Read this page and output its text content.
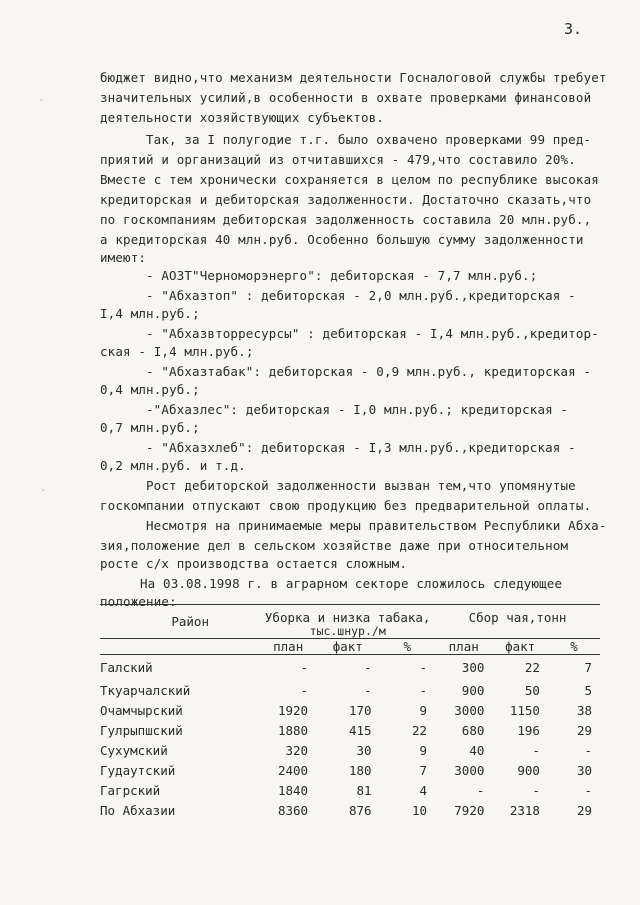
3.
·
·
бюджет видно,что механизм деятельности Госналоговой службы требует
значительных усилий,в особенности в охвате проверками финансовой
деятельности хозяйствующих субъектов.
Так, за I полугодие т.г. было охвачено проверками 99 пред-
приятий и организаций из отчитавшихся - 479,что составило 20%.
Вместе с тем хронически сохраняется в целом по республике высокая
кредиторская и дебиторская задолженности. Достаточно сказать,что
по госкомпаниям дебиторская задолженность составила 20 млн.руб.,
а кредиторская 40 млн.руб. Особенно большую сумму задолженности
имеют:
- АОЗТ"Черноморэнерго": дебиторская - 7,7 млн.руб.;
- "Абхазтоп" : дебиторская - 2,0 млн.руб.,кредиторская -
I,4 млн.руб.;
- "Абхазвторресурсы" : дебиторская - I,4 млн.руб.,кредитор-
ская - I,4 млн.руб.;
- "Абхазтабак": дебиторская - 0,9 млн.руб., кредиторская -
0,4 млн.руб.;
-"Абхазлес": дебиторская - I,0 млн.руб.; кредиторская -
0,7 млн.руб.;
- "Абхазхлеб": дебиторская - I,3 млн.руб.,кредиторская -
0,2 млн.руб. и т.д.
Рост дебиторской задолженности вызван тем,что упомянутые
госкомпании отпускают свою продукцию без предварительной оплаты.
Несмотря на принимаемые меры правительством Республики Абха-
зия,положение дел в сельском хозяйстве даже при относительном
росте с/х производства остается сложным.
На 03.08.1998 г. в аграрном секторе сложилось следующее
положение:
Район	Уборка и низка табака,			Сбор чая,тонн		
	тыс.шнур./м					
	план	факт	%	план	факт	%
Галский	-	-	-	300	22	7
Ткуарчалский	-	-	-	900	50	5
Очамчырский	1920	170	9	3000	1150	38
Гулрыпшский	1880	415	22	680	196	29
Сухумский	320	30	9	40	-	-
Гудаутский	2400	180	7	3000	900	30
Гагрский	1840	81	4	-	-	-
По Абхазии	8360	876	10	7920	2318	29
